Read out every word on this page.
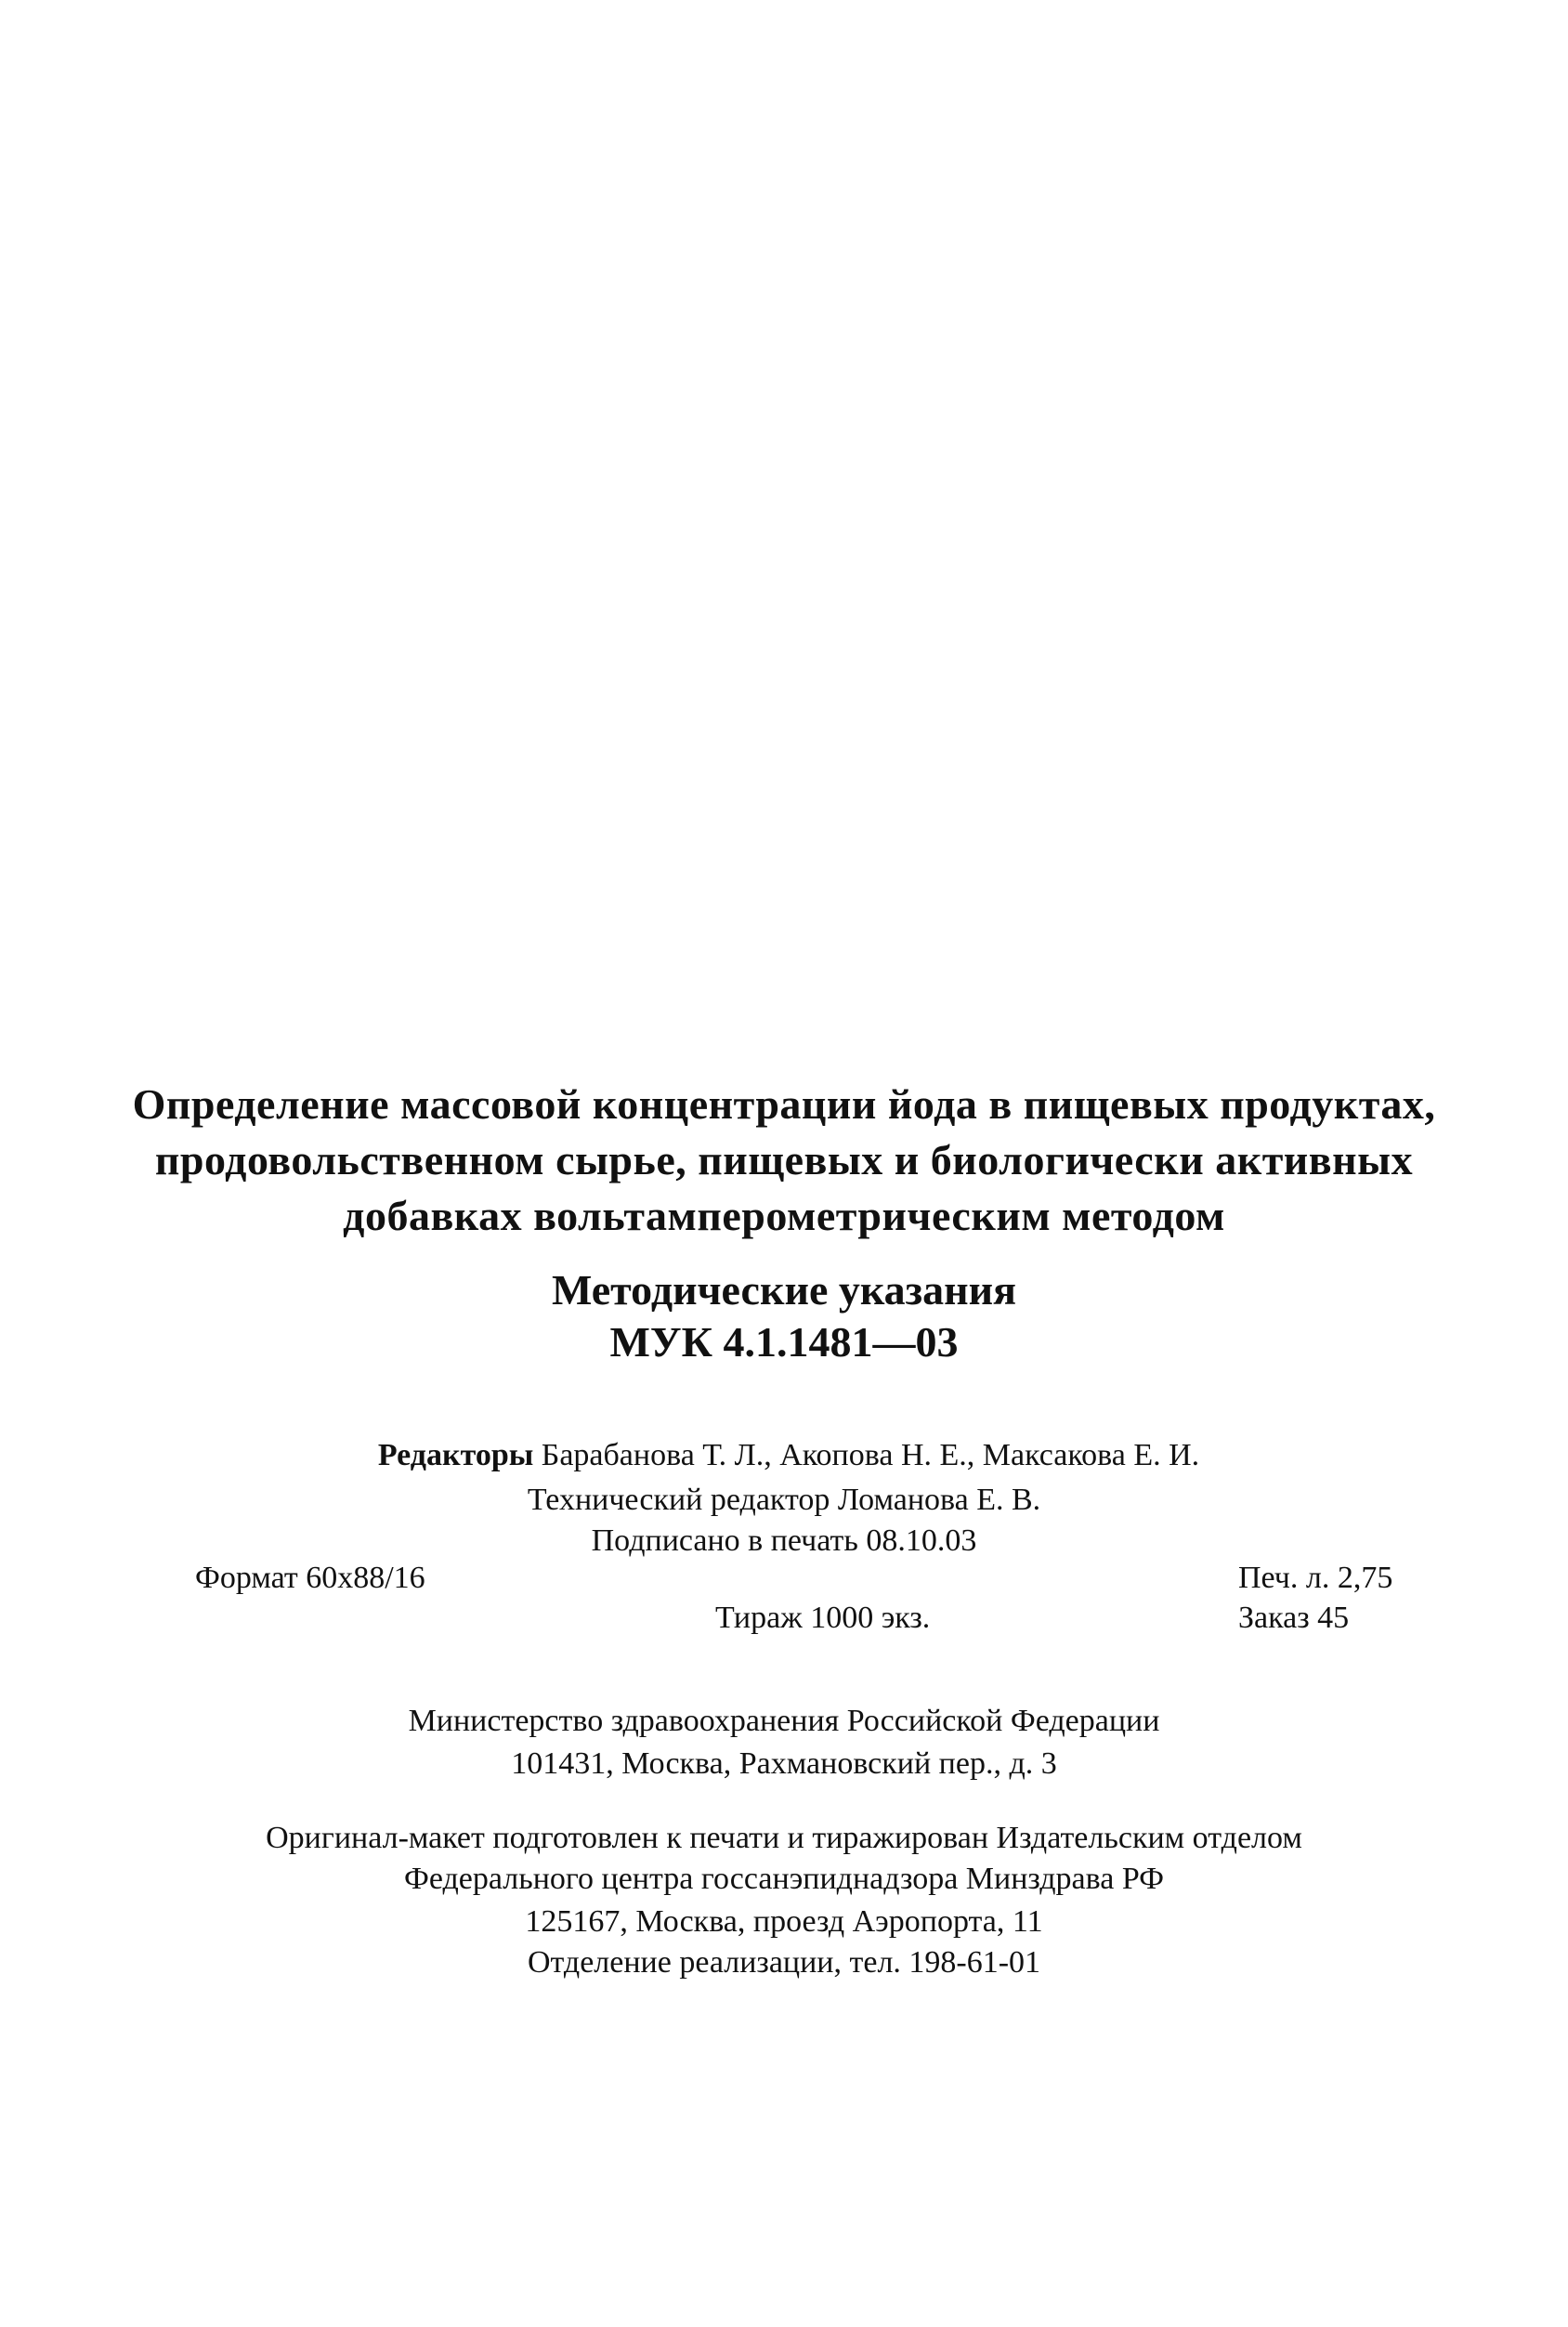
Определение массовой концентрации йода в пищевых продуктах,
продовольственном сырье, пищевых и биологически активных
добавках вольтамперометрическим методом
Методические указания
МУК 4.1.1481—03
Редакторы Барабанова Т. Л., Акопова Н. Е., Максакова Е. И.
Технический редактор Ломанова Е. В.
Подписано в печать 08.10.03
Формат 60x88/16	Печ. л. 2,75
Тираж 1000 экз.	Заказ 45
Министерство здравоохранения Российской Федерации
101431, Москва, Рахмановский пер., д. 3
Оригинал-макет подготовлен к печати и тиражирован Издательским отделом
Федерального центра госсанэпиднадзора Минздрава РФ
125167, Москва, проезд Аэропорта, 11
Отделение реализации, тел. 198-61-01
